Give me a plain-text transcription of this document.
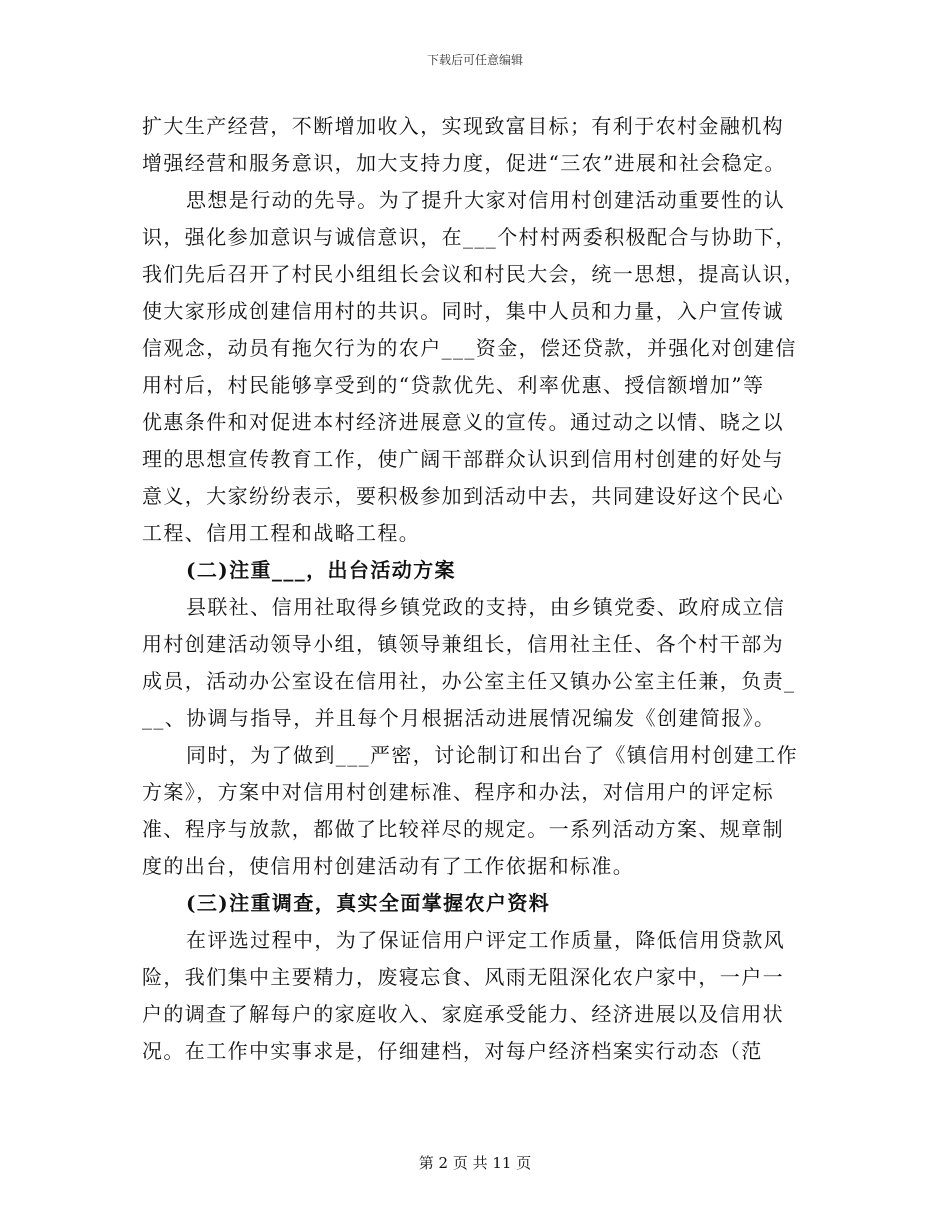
下载后可任意编辑
扩大生产经营，不断增加收入，实现致富目标；有利于农村金融机构
增强经营和服务意识，加大支持力度，促进“三农”进展和社会稳定。
思想是行动的先导。为了提升大家对信用村创建活动重要性的认
识，强化参加意识与诚信意识，在___个村村两委积极配合与协助下，
我们先后召开了村民小组组长会议和村民大会，统一思想，提高认识，
使大家形成创建信用村的共识。同时，集中人员和力量，入户宣传诚
信观念，动员有拖欠行为的农户___资金，偿还贷款，并强化对创建信
用村后，村民能够享受到的“贷款优先、利率优惠、授信额增加”等
优惠条件和对促进本村经济进展意义的宣传。通过动之以情、晓之以
理的思想宣传教育工作，使广阔干部群众认识到信用村创建的好处与
意义，大家纷纷表示，要积极参加到活动中去，共同建设好这个民心
工程、信用工程和战略工程。
(二)注重___，出台活动方案
县联社、信用社取得乡镇党政的支持，由乡镇党委、政府成立信
用村创建活动领导小组，镇领导兼组长，信用社主任、各个村干部为
成员，活动办公室设在信用社，办公室主任又镇办公室主任兼，负责_
__、协调与指导，并且每个月根据活动进展情况编发《创建简报》。
同时，为了做到___严密，讨论制订和出台了《镇信用村创建工作
方案》，方案中对信用村创建标准、程序和办法，对信用户的评定标
准、程序与放款，都做了比较祥尽的规定。一系列活动方案、规章制
度的出台，使信用村创建活动有了工作依据和标准。
(三)注重调查，真实全面掌握农户资料
在评选过程中，为了保证信用户评定工作质量，降低信用贷款风
险，我们集中主要精力，废寝忘食、风雨无阻深化农户家中，一户一
户的调查了解每户的家庭收入、家庭承受能力、经济进展以及信用状
况。在工作中实事求是，仔细建档，对每户经济档案实行动态（范
第 2 页 共 11 页
